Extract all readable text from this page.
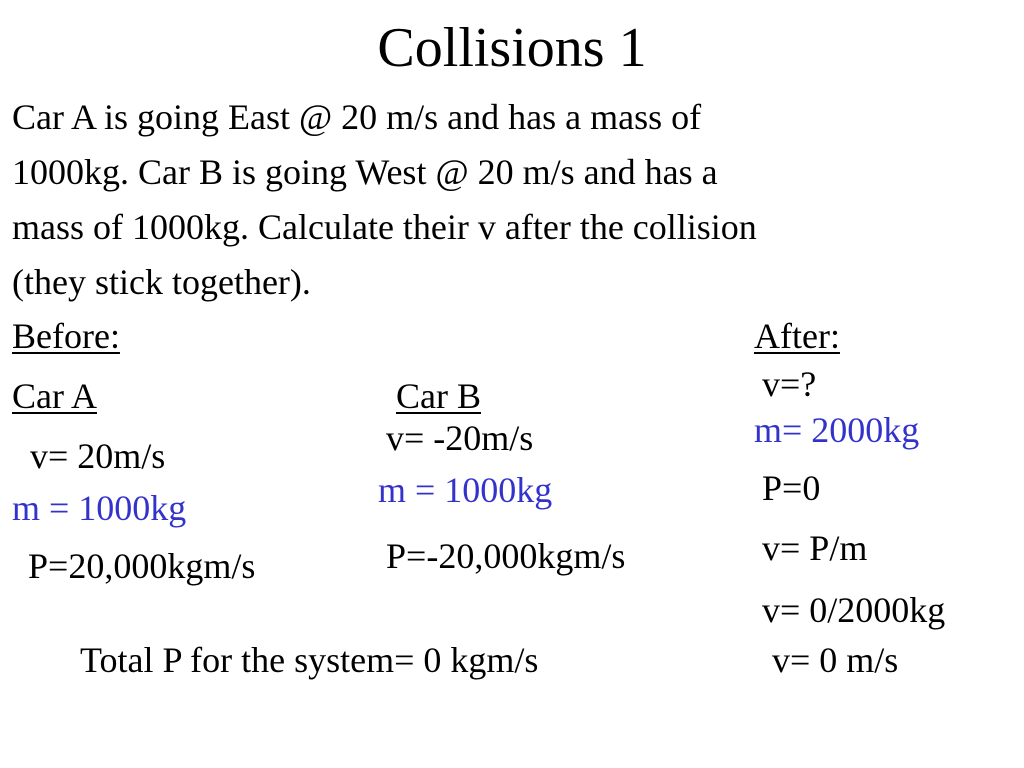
Collisions 1
Car A is going East @ 20 m/s and has a mass of
1000kg. Car B is going West @ 20 m/s and has a
mass of 1000kg. Calculate their v after the collision
(they stick together).
Before:
Car A
v= 20m/s
m = 1000kg
P=20,000kgm/s
Car B
v= -20m/s
m = 1000kg
P=-20,000kgm/s
Total P for the system= 0 kgm/s
After:
v=?
m= 2000kg
P=0
v= P/m
v= 0/2000kg
v= 0 m/s
